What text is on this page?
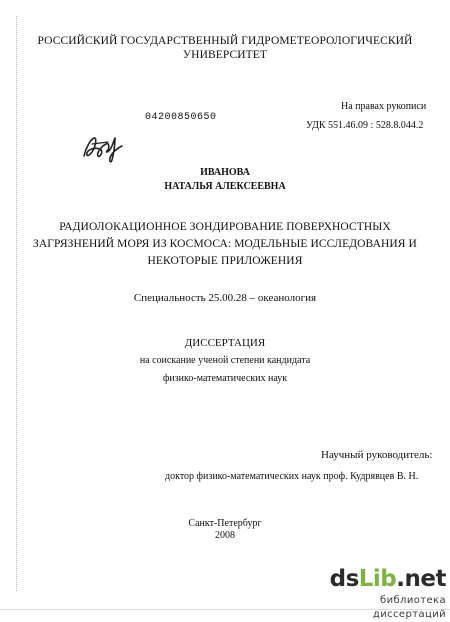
РОССИЙСКИЙ ГОСУДАРСТВЕННЫЙ ГИДРОМЕТЕОРОЛОГИЧЕСКИЙ
УНИВЕРСИТЕТ
На правах рукописи
УДК 551.46.09 : 528.8.044.2
04200850650
ИВАНОВА
НАТАЛЬЯ АЛЕКСЕЕВНА
РАДИОЛОКАЦИОННОЕ ЗОНДИРОВАНИЕ ПОВЕРХНОСТНЫХ
ЗАГРЯЗНЕНИЙ МОРЯ ИЗ КОСМОСА: МОДЕЛЬНЫЕ ИССЛЕДОВАНИЯ И
НЕКОТОРЫЕ ПРИЛОЖЕНИЯ
Специальность 25.00.28 – океанология
ДИССЕРТАЦИЯ
на соискание ученой степени кандидата
физико-математических наук
Научный руководитель:
доктор физико-математических наук проф. Кудрявцев В. Н.
Санкт-Петербург
2008
dsLib.net
библиотека диссертаций
